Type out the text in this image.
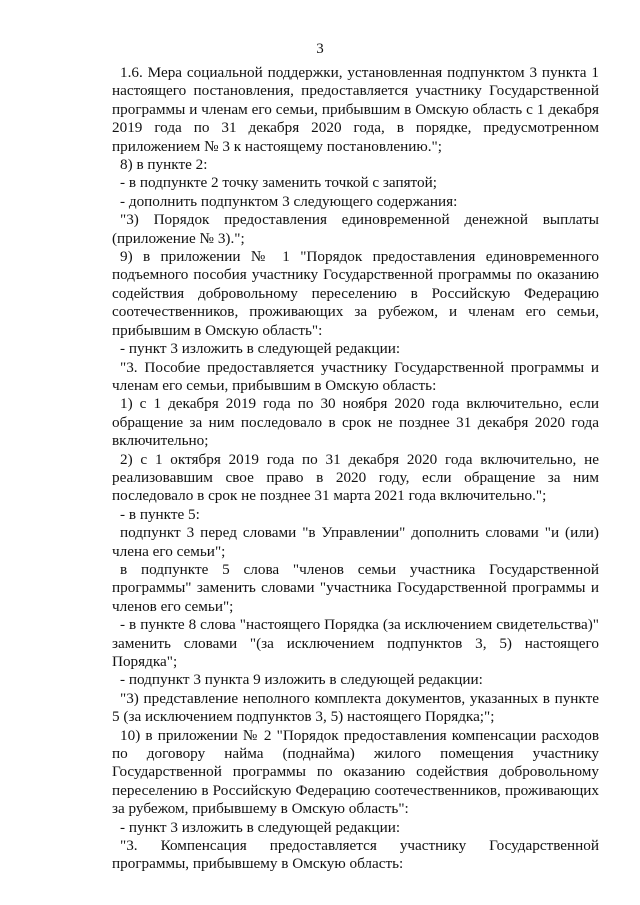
3

1.6. Мера социальной поддержки, установленная подпунктом 3 пункта 1 настоящего постановления, предоставляется участнику Государственной программы и членам его семьи, прибывшим в Омскую область с 1 декабря 2019 года по 31 декабря 2020 года, в порядке, предусмотренном приложением № 3 к настоящему постановлению.";

8) в пункте 2:

- в подпункте 2 точку заменить точкой с запятой;

- дополнить подпунктом 3 следующего содержания:

"3) Порядок предоставления единовременной денежной выплаты (приложение № 3).";

9) в приложении № 1 "Порядок предоставления единовременного подъемного пособия участнику Государственной программы по оказанию содействия добровольному переселению в Российскую Федерацию соотечественников, проживающих за рубежом, и членам его семьи, прибывшим в Омскую область":

- пункт 3 изложить в следующей редакции:

"3. Пособие предоставляется участнику Государственной программы и членам его семьи, прибывшим в Омскую область:

1) с 1 декабря 2019 года по 30 ноября 2020 года включительно, если обращение за ним последовало в срок не позднее 31 декабря 2020 года включительно;

2) с 1 октября 2019 года по 31 декабря 2020 года включительно, не реализовавшим свое право в 2020 году, если обращение за ним последовало в срок не позднее 31 марта 2021 года включительно.";

- в пункте 5:

подпункт 3 перед словами "в Управлении" дополнить словами "и (или) члена его семьи";

в подпункте 5 слова "членов семьи участника Государственной программы" заменить словами "участника Государственной программы и членов его семьи";

- в пункте 8 слова "настоящего Порядка (за исключением свидетельства)" заменить словами "(за исключением подпунктов 3, 5) настоящего Порядка";

- подпункт 3 пункта 9 изложить в следующей редакции:

"3) представление неполного комплекта документов, указанных в пункте 5 (за исключением подпунктов 3, 5) настоящего Порядка;";

10) в приложении № 2 "Порядок предоставления компенсации расходов по договору найма (поднайма) жилого помещения участнику Государственной программы по оказанию содействия добровольному переселению в Российскую Федерацию соотечественников, проживающих за рубежом, прибывшему в Омскую область":

- пункт 3 изложить в следующей редакции:

"3. Компенсация предоставляется участнику Государственной программы, прибывшему в Омскую область:
